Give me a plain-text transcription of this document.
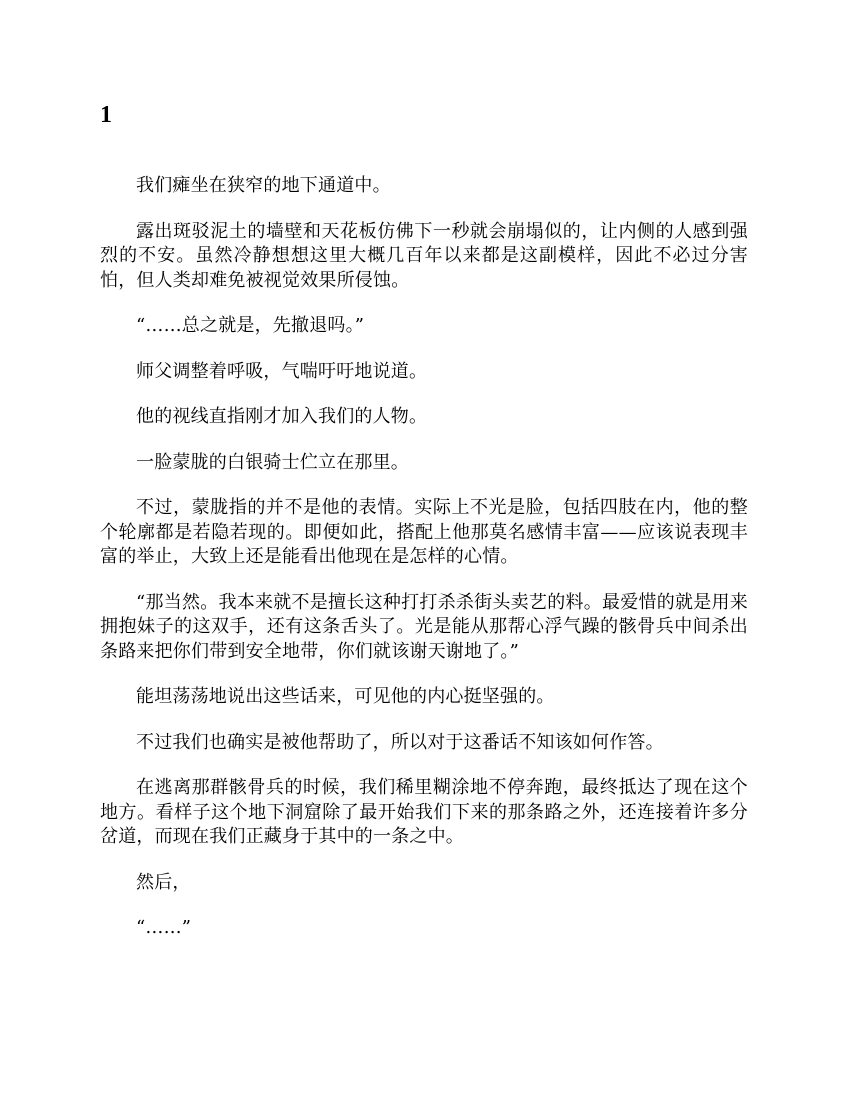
1

我们瘫坐在狭窄的地下通道中。

露出斑驳泥土的墙壁和天花板仿佛下一秒就会崩塌似的，让内侧的人感到强烈的不安。虽然冷静想想这里大概几百年以来都是这副模样，因此不必过分害怕，但人类却难免被视觉效果所侵蚀。

“……总之就是，先撤退吗。”

师父调整着呼吸，气喘吁吁地说道。

他的视线直指刚才加入我们的人物。

一脸蒙胧的白银骑士伫立在那里。

不过，蒙胧指的并不是他的表情。实际上不光是脸，包括四肢在内，他的整个轮廓都是若隐若现的。即便如此，搭配上他那莫名感情丰富——应该说表现丰富的举止，大致上还是能看出他现在是怎样的心情。

“那当然。我本来就不是擅长这种打打杀杀街头卖艺的料。最爱惜的就是用来拥抱妹子的这双手，还有这条舌头了。光是能从那帮心浮气躁的骸骨兵中间杀出条路来把你们带到安全地带，你们就该谢天谢地了。”

能坦荡荡地说出这些话来，可见他的内心挺坚强的。

不过我们也确实是被他帮助了，所以对于这番话不知该如何作答。

在逃离那群骸骨兵的时候，我们稀里糊涂地不停奔跑，最终抵达了现在这个地方。看样子这个地下洞窟除了最开始我们下来的那条路之外，还连接着许多分岔道，而现在我们正藏身于其中的一条之中。

然后，

“……”
